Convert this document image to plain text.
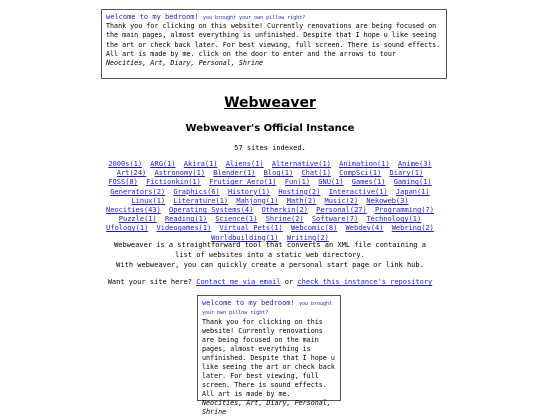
welcome to my bedroom! you brought your own pillow right?
Thank you for clicking on this website! Currently renovations are being focused on the main pages, almost everything is unfinished. Despite that I hope u like seeing the art or check back later. For best viewing, full screen. There is sound effects. All art is made by me. click on the door to enter and the arrows to tour
Neocities, Art, Diary, Personal, Shrine
Webweaver
Webweaver's Official Instance
57 sites indexed.
2000s(1) ARG(1) Akira(1) Aliens(1) Alternative(1) Animation(1) Anime(3) Art(24) Astronomy(1) Blender(1) Blog(1) Chat(1) CompSci(1) Diary(1) FOSS(8) Fictionkin(1) Frutiger Aero(1) Fun(1) GNU(1) Games(1) Gaming(1) Generators(2) Graphics(6) History(1) Hosting(2) Interactive(1) Japan(1) Linux(1) Literature(1) Mahjong(1) Math(2) Music(2) Nekoweb(3) Neocities(43) Operating Systems(4) Otherkin(2) Personal(27) Programming(7) Puzzle(1) Reading(1) Science(1) Shrine(2) Software(7) Technology(1) Ufology(1) Videogames(1) Virtual Pets(1) Webcomic(8) Webdev(4) Webring(2) Worldbuilding(1) Writing(2)
Webweaver is a straightforward tool that converts an XML file containing a list of websites into a static web directory.
With webweaver, you can quickly create a personal start page or link hub.
Want your site here? Contact me via email or check this instance's repository
welcome to my bedroom! you brought your own pillow right?
Thank you for clicking on this website! Currently renovations are being focused on the main pages, almost everything is unfinished. Despite that I hope u like seeing the art or check back later. For best viewing, full screen. There is sound effects. All art is made by me.
Neocities, Art, Diary, Personal, Shrine
